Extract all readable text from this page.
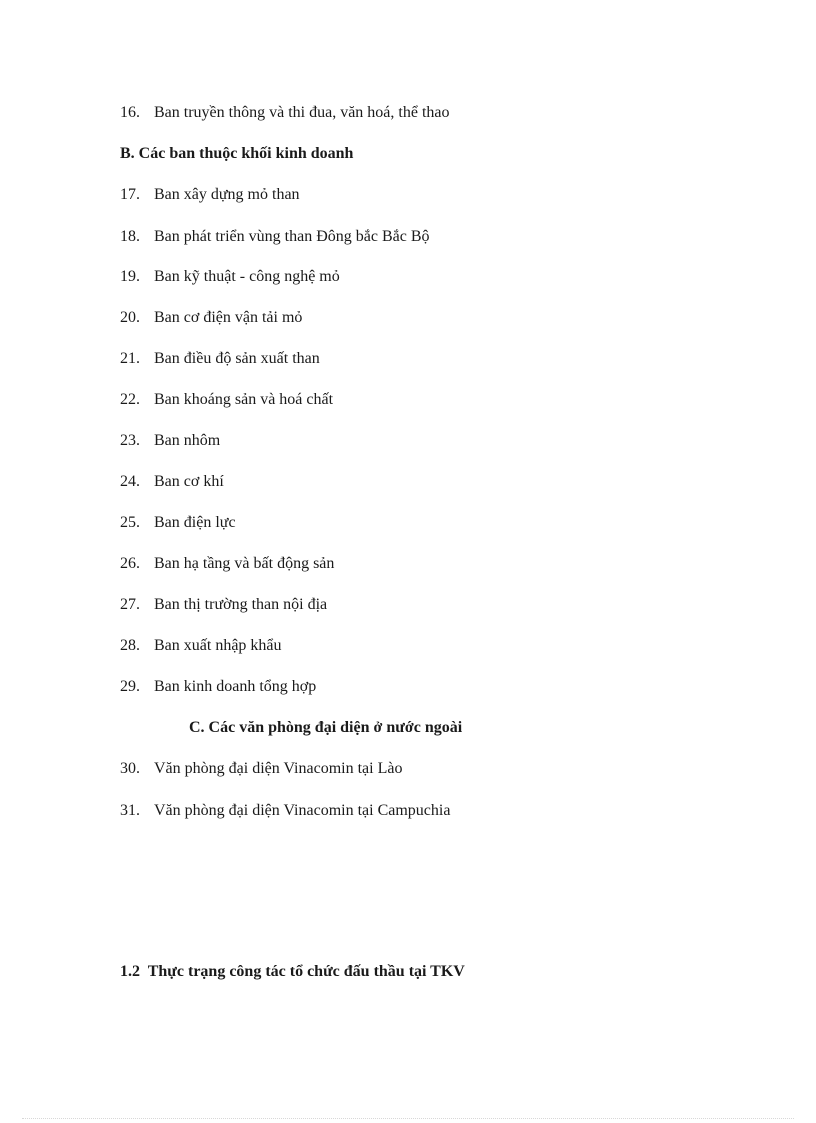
16. Ban truyền thông và thi đua, văn hoá, thể thao
B. Các ban thuộc khối kinh doanh
17. Ban xây dựng mỏ than
18. Ban phát triển vùng than Đông bắc Bắc Bộ
19. Ban kỹ thuật - công nghệ mỏ
20. Ban cơ điện vận tải mỏ
21. Ban điều độ sản xuất than
22. Ban khoáng sản và hoá chất
23. Ban nhôm
24. Ban cơ khí
25. Ban điện lực
26. Ban hạ tầng và bất động sản
27. Ban thị trường than nội địa
28. Ban xuất nhập khẩu
29. Ban kinh doanh tổng hợp
C. Các văn phòng đại diện ở nước ngoài
30. Văn phòng đại diện Vinacomin tại Lào
31. Văn phòng đại diện Vinacomin tại Campuchia
1.2  Thực trạng công tác tổ chức đấu thầu tại TKV
